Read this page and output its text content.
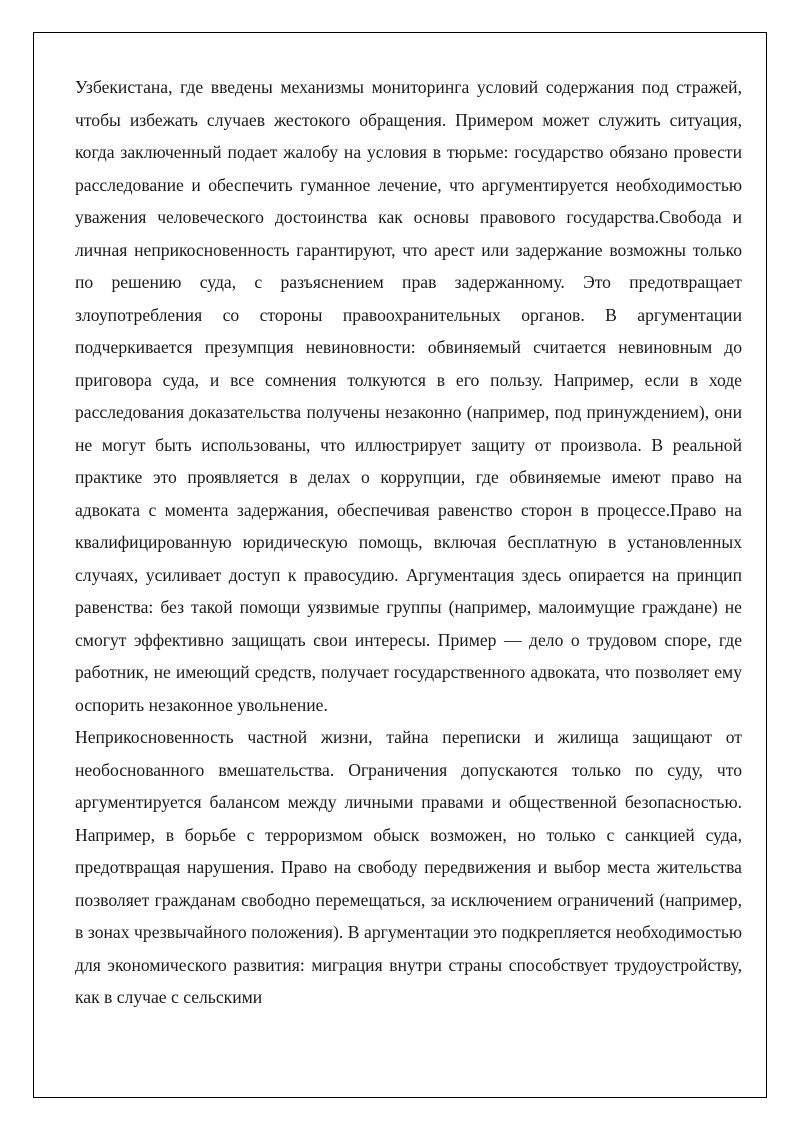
Узбекистана, где введены механизмы мониторинга условий содержания под стражей, чтобы избежать случаев жестокого обращения. Примером может служить ситуация, когда заключенный подает жалобу на условия в тюрьме: государство обязано провести расследование и обеспечить гуманное лечение, что аргументируется необходимостью уважения человеческого достоинства как основы правового государства.Свобода и личная неприкосновенность гарантируют, что арест или задержание возможны только по решению суда, с разъяснением прав задержанному. Это предотвращает злоупотребления со стороны правоохранительных органов. В аргументации подчеркивается презумпция невиновности: обвиняемый считается невиновным до приговора суда, и все сомнения толкуются в его пользу. Например, если в ходе расследования доказательства получены незаконно (например, под принуждением), они не могут быть использованы, что иллюстрирует защиту от произвола. В реальной практике это проявляется в делах о коррупции, где обвиняемые имеют право на адвоката с момента задержания, обеспечивая равенство сторон в процессе.Право на квалифицированную юридическую помощь, включая бесплатную в установленных случаях, усиливает доступ к правосудию. Аргументация здесь опирается на принцип равенства: без такой помощи уязвимые группы (например, малоимущие граждане) не смогут эффективно защищать свои интересы. Пример — дело о трудовом споре, где работник, не имеющий средств, получает государственного адвоката, что позволяет ему оспорить незаконное увольнение.

Неприкосновенность частной жизни, тайна переписки и жилища защищают от необоснованного вмешательства. Ограничения допускаются только по суду, что аргументируется балансом между личными правами и общественной безопасностью. Например, в борьбе с терроризмом обыск возможен, но только с санкцией суда, предотвращая нарушения. Право на свободу передвижения и выбор места жительства позволяет гражданам свободно перемещаться, за исключением ограничений (например, в зонах чрезвычайного положения). В аргументации это подкрепляется необходимостью для экономического развития: миграция внутри страны способствует трудоустройству, как в случае с сельскими
